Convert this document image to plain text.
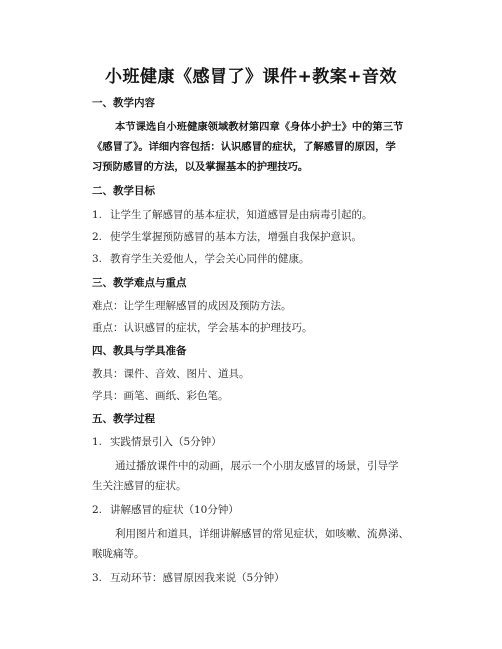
小班健康《感冒了》课件+教案+音效
一、教学内容
本节课选自小班健康领域教材第四章《身体小护士》中的第三节
《感冒了》。详细内容包括：认识感冒的症状，了解感冒的原因，学
习预防感冒的方法，以及掌握基本的护理技巧。
二、教学目标
1. 让学生了解感冒的基本症状，知道感冒是由病毒引起的。
2. 使学生掌握预防感冒的基本方法，增强自我保护意识。
3. 教育学生关爱他人，学会关心同伴的健康。
三、教学难点与重点
难点：让学生理解感冒的成因及预防方法。
重点：认识感冒的症状，学会基本的护理技巧。
四、教具与学具准备
教具：课件、音效、图片、道具。
学具：画笔、画纸、彩色笔。
五、教学过程
1. 实践情景引入（5分钟）
通过播放课件中的动画，展示一个小朋友感冒的场景，引导学
生关注感冒的症状。
2. 讲解感冒的症状（10分钟）
利用图片和道具，详细讲解感冒的常见症状，如咳嗽、流鼻涕、
喉咙痛等。
3. 互动环节：感冒原因我来说（5分钟）
